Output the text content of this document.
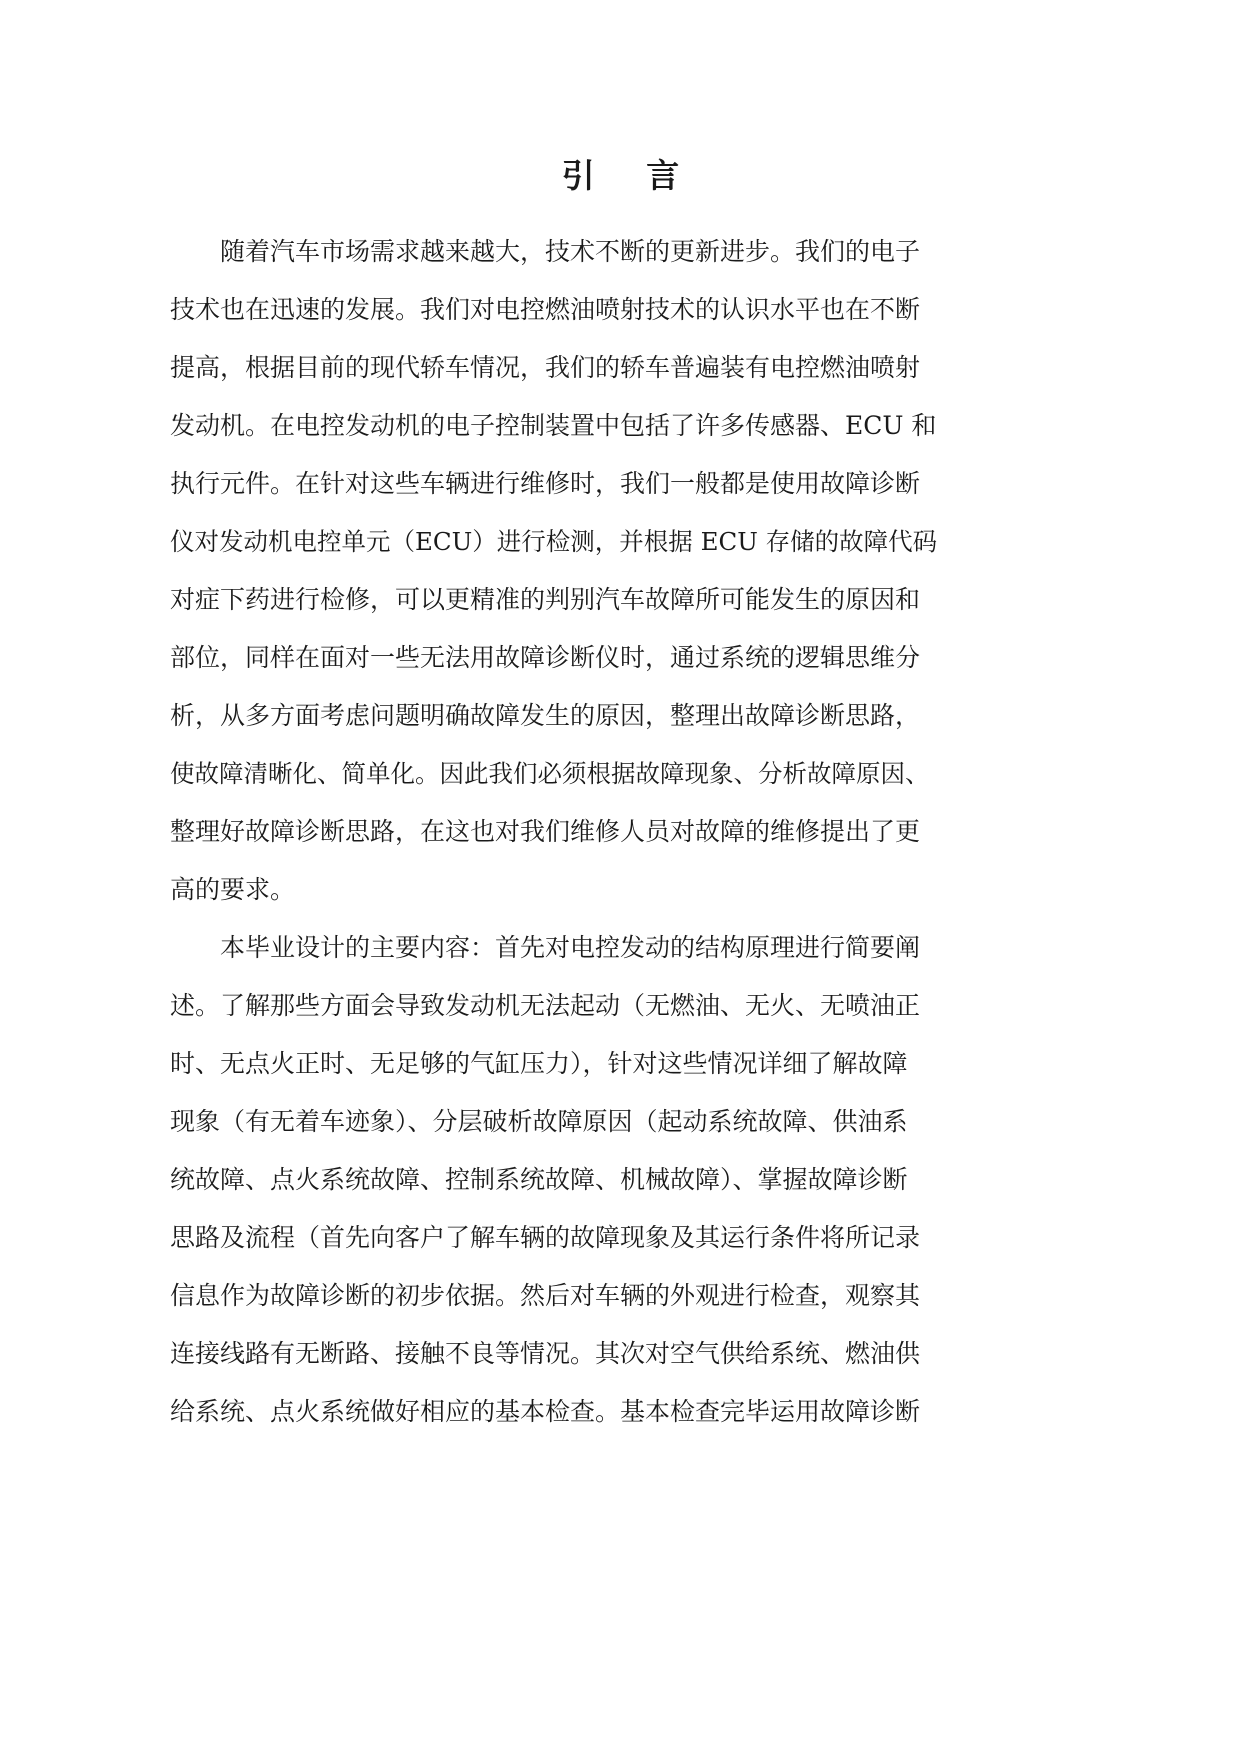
引 言
随着汽车市场需求越来越大，技术不断的更新进步。我们的电子
技术也在迅速的发展。我们对电控燃油喷射技术的认识水平也在不断
提高，根据目前的现代轿车情况，我们的轿车普遍装有电控燃油喷射
发动机。在电控发动机的电子控制装置中包括了许多传感器、ECU 和
执行元件。在针对这些车辆进行维修时，我们一般都是使用故障诊断
仪对发动机电控单元（ECU）进行检测，并根据 ECU 存储的故障代码
对症下药进行检修，可以更精准的判别汽车故障所可能发生的原因和
部位，同样在面对一些无法用故障诊断仪时，通过系统的逻辑思维分
析，从多方面考虑问题明确故障发生的原因，整理出故障诊断思路，
使故障清晰化、简单化。因此我们必须根据故障现象、分析故障原因、
整理好故障诊断思路，在这也对我们维修人员对故障的维修提出了更
高的要求。
本毕业设计的主要内容：首先对电控发动的结构原理进行简要阐
述。了解那些方面会导致发动机无法起动（无燃油、无火、无喷油正
时、无点火正时、无足够的气缸压力），针对这些情况详细了解故障
现象（有无着车迹象）、分层破析故障原因（起动系统故障、供油系
统故障、点火系统故障、控制系统故障、机械故障）、掌握故障诊断
思路及流程（首先向客户了解车辆的故障现象及其运行条件将所记录
信息作为故障诊断的初步依据。然后对车辆的外观进行检查，观察其
连接线路有无断路、接触不良等情况。其次对空气供给系统、燃油供
给系统、点火系统做好相应的基本检查。基本检查完毕运用故障诊断
